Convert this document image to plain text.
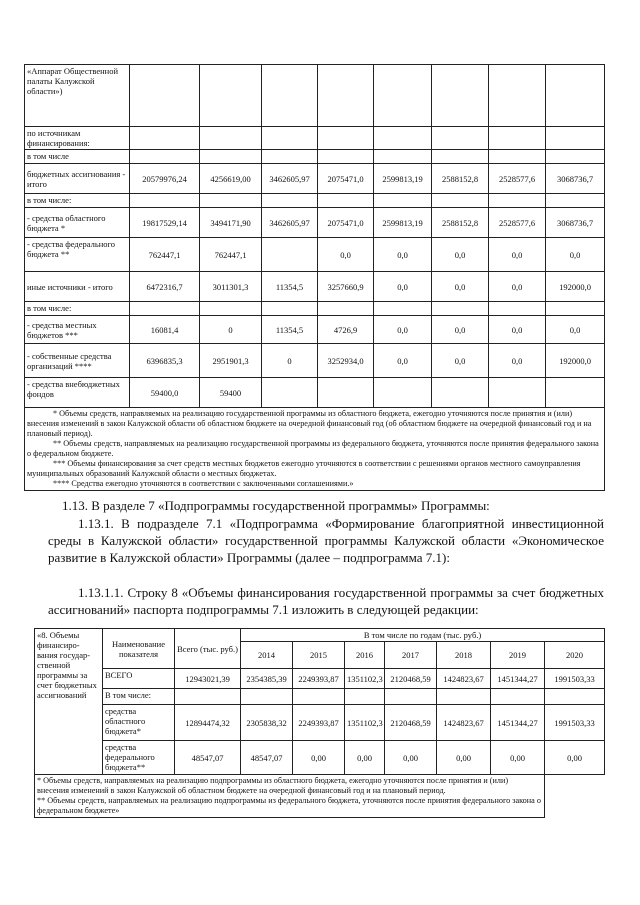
«Аппарат Общественной палаты Калужской области»)								
по источникам финансирования:								
в том числе								
бюджетных ассигнования - итого	20579976,24	4256619,00	3462605,97	2075471,0	2599813,19	2588152,8	2528577,6	3068736,7
в том числе:								
- средства областного бюджета *	19817529,14	3494171,90	3462605,97	2075471,0	2599813,19	2588152,8	2528577,6	3068736,7
- средства федерального бюджета **	762447,1	762447,1		0,0	0,0	0,0	0,0	0,0
иные источники - итого	6472316,7	3011301,3	11354,5	3257660,9	0,0	0,0	0,0	192000,0
в том числе:								
- средства местных бюджетов ***	16081,4	0	11354,5	4726,9	0,0	0,0	0,0	0,0
- собственные средства организаций ****	6396835,3	2951901,3	0	3252934,0	0,0	0,0	0,0	192000,0
- средства внебюджетных фондов	59400,0	59400						

* Объемы средств, направляемых на реализацию государственной программы из областного бюджета, ежегодно уточняются после принятия и (или) внесения изменений в закон Калужской области об областном бюджете на очередной финансовый год (об областном бюджете на очередной финансовый год и на плановый период).

** Объемы средств, направляемых на реализацию государственной программы из федерального бюджета, уточняются после принятия федерального закона о федеральном бюджете.

*** Объемы финансирования за счет средств местных бюджетов ежегодно уточняются в соответствии с решениями органов местного самоуправления муниципальных образований Калужской области о местных бюджетах.

**** Средства ежегодно уточняются в соответствии с заключенными соглашениями.»								

1.13. В разделе 7 «Подпрограммы государственной программы» Программы:

1.13.1. В подразделе 7.1 «Подпрограмма «Формирование благоприятной инвестиционной среды в Калужской области» государственной программы Калужской области «Экономическое развитие в Калужской области» Программы (далее – подпрограмма 7.1):

1.13.1.1. Строку 8 «Объемы финансирования государственной программы за счет бюджетных ассигнований» паспорта подпрограммы 7.1 изложить в следующей редакции:

«8. Объемы финансиро-вания государ-ственной программы за счет бюджетных ассигнований	Наименование показателя	Всего (тыс. руб.)	В том числе по годам (тыс. руб.)						
			2014	2015	2016	2017	2018	2019	2020
	ВСЕГО	12943021,39	2354385,39	2249393,87	1351102,3	2120468,59	1424823,67	1451344,27	1991503,33
	В том числе:								
	средства областного бюджета*	12894474,32	2305838,32	2249393,87	1351102,3	2120468,59	1424823,67	1451344,27	1991503,33
	средства федерального бюджета**	48547,07	48547,07	0,00	0,00	0,00	0,00	0,00	0,00

* Объемы средств, направляемых на реализацию подпрограммы из областного бюджета, ежегодно уточняются после принятия и (или) внесения изменений в закон Калужской об областном бюджете на очередной финансовый год и на плановый период.

** Объемы средств, направляемых на реализацию подпрограммы из федерального бюджета, уточняются после принятия федерального закона о федеральном бюджете»									
